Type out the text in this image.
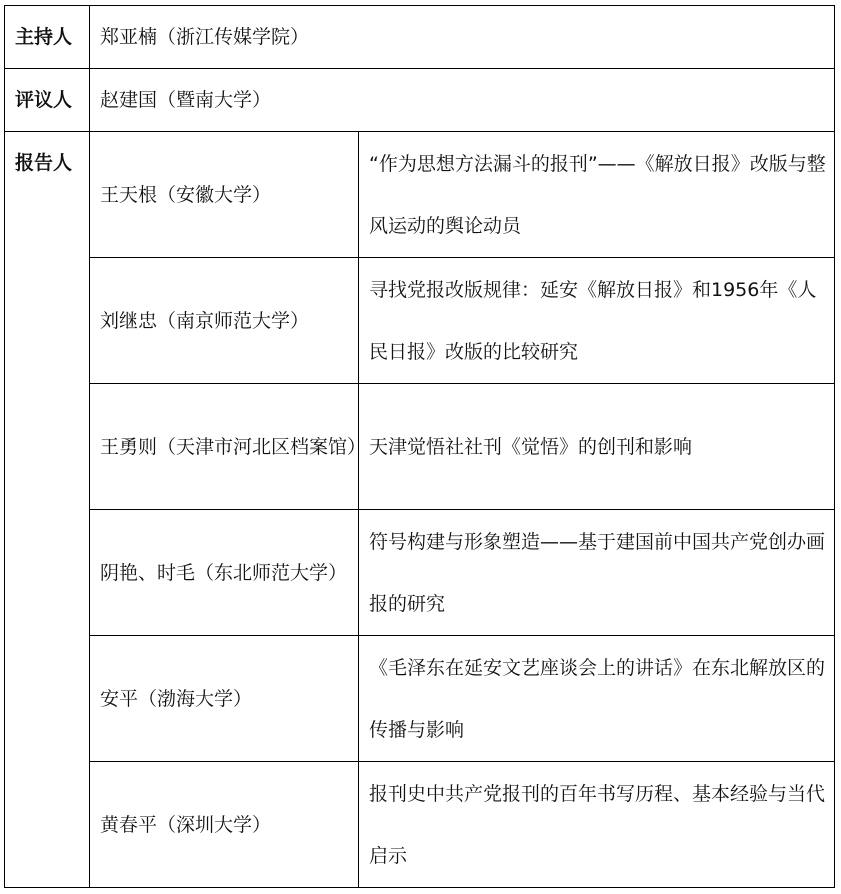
主持人	郑亚楠（浙江传媒学院）	
评议人	赵建国（暨南大学）	
报告人	王天根（安徽大学）	“作为思想方法漏斗的报刊”——《解放日报》改版与整风运动的舆论动员
	刘继忠（南京师范大学）	寻找党报改版规律：延安《解放日报》和1956年《人民日报》改版的比较研究
	王勇则（天津市河北区档案馆）	天津觉悟社社刊《觉悟》的创刊和影响
	阴艳、时毛（东北师范大学）	符号构建与形象塑造——基于建国前中国共产党创办画报的研究
	安平（渤海大学）	《毛泽东在延安文艺座谈会上的讲话》在东北解放区的传播与影响
	黄春平（深圳大学）	报刊史中共产党报刊的百年书写历程、基本经验与当代启示
